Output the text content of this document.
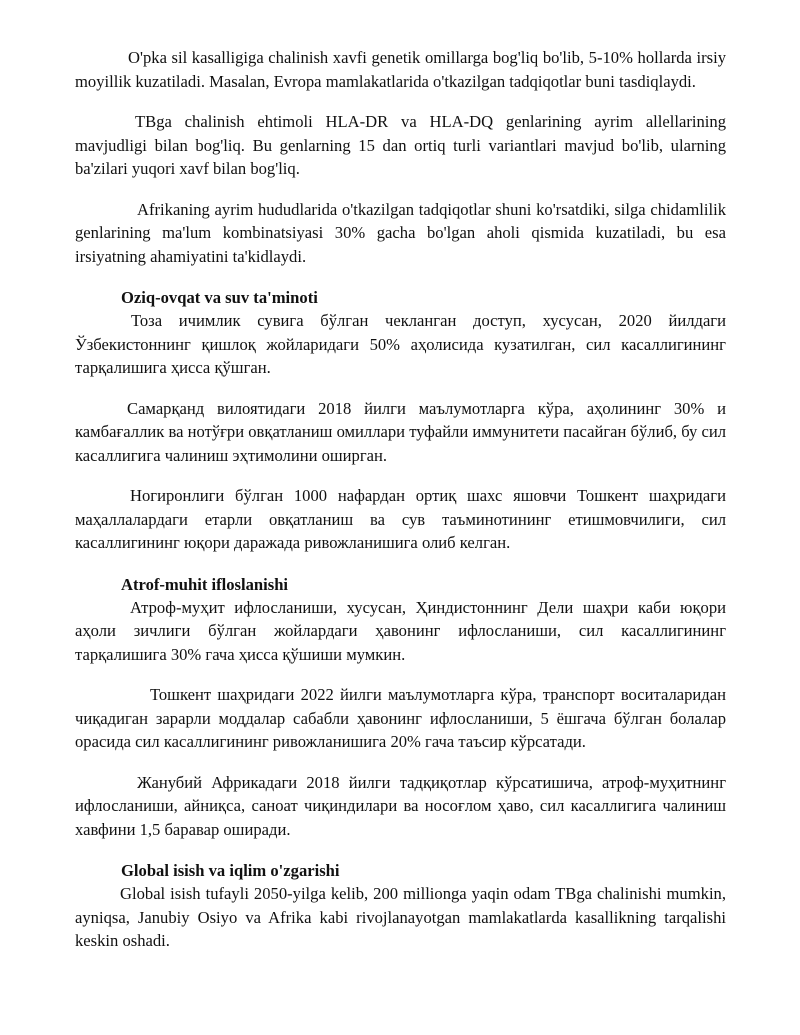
O'pka sil kasalligiga chalinish xavfi genetik omillarga bog'liq bo'lib, 5-10% hollarda irsiy moyillik kuzatiladi. Masalan, Evropa mamlakatlarida o'tkazilgan tadqiqotlar buni tasdiqlaydi.

TBga chalinish ehtimoli HLA-DR va HLA-DQ genlarining ayrim allellarining mavjudligi bilan bog'liq. Bu genlarning 15 dan ortiq turli variantlari mavjud bo'lib, ularning ba'zilari yuqori xavf bilan bog'liq.

Afrikaning ayrim hududlarida o'tkazilgan tadqiqotlar shuni ko'rsatdiki, silga chidamlilik genlarining ma'lum kombinatsiyasi 30% gacha bo'lgan aholi qismida kuzatiladi, bu esa irsiyatning ahamiyatini ta'kidlaydi.

Oziq-ovqat va suv ta'minoti

Тоза ичимлик сувига бўлган чекланган доступ, хусусан, 2020 йилдаги Ўзбекистоннинг қишлоқ жойларидаги 50% аҳолисида кузатилган, сил касаллигининг тарқалишига ҳисса қўшган.

Самарқанд вилоятидаги 2018 йилги маълумотларга кўра, аҳолининг 30% и камбағаллик ва нотўғри овқатланиш омиллари туфайли иммунитети пасайган бўлиб, бу сил касаллигига чалиниш эҳтимолини оширган.

Ногиронлиги бўлган 1000 нафардан ортиқ шахс яшовчи Тошкент шаҳридаги маҳаллалардаги етарли овқатланиш ва сув таъминотининг етишмовчилиги, сил касаллигининг юқори даражада ривожланишига олиб келган.

Atrof-muhit ifloslanishi

Атроф-муҳит ифлосланиши, хусусан, Ҳиндистоннинг Дели шаҳри каби юқори аҳоли зичлиги бўлган жойлардаги ҳавонинг ифлосланиши, сил касаллигининг тарқалишига 30% гача ҳисса қўшиши мумкин.

Тошкент шаҳридаги 2022 йилги маълумотларга кўра, транспорт воситаларидан чиқадиган зарарли моддалар сабабли ҳавонинг ифлосланиши, 5 ёшгача бўлган болалар орасида сил касаллигининг ривожланишига 20% гача таъсир кўрсатади.

Жанубий Африкадаги 2018 йилги тадқиқотлар кўрсатишича, атроф-муҳитнинг ифлосланиши, айниқса, саноат чиқиндилари ва носоғлом ҳаво, сил касаллигига чалиниш хавфини 1,5 баравар оширади.

Global isish va iqlim o'zgarishi

Global isish tufayli 2050-yilga kelib, 200 millionga yaqin odam TBga chalinishi mumkin, ayniqsa, Janubiy Osiyo va Afrika kabi rivojlanayotgan mamlakatlarda kasallikning tarqalishi keskin oshadi.
